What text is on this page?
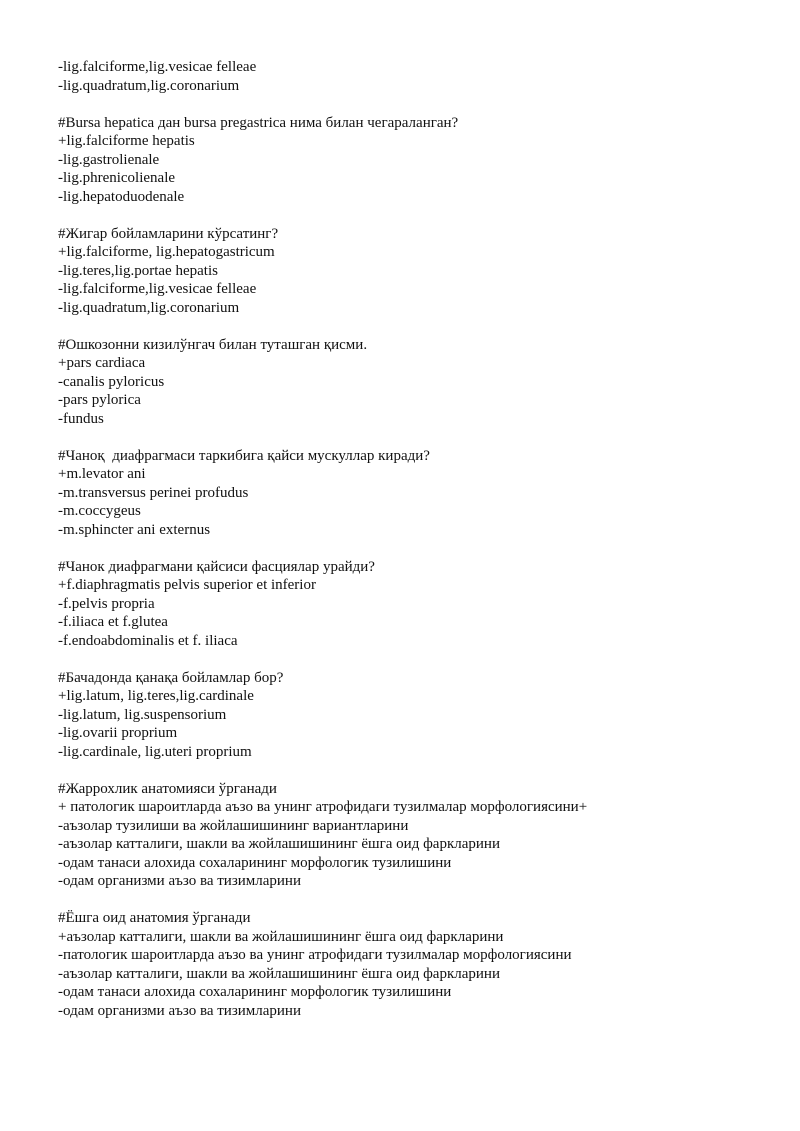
-lig.falciforme,lig.vesicae felleae
-lig.quadratum,lig.coronarium
#Bursa hepatica дан bursa pregastrica нима билан чегараланган?
+lig.falciforme hepatis
-lig.gastrolienale
-lig.phrenicolienale
-lig.hepatoduodenale
#Жигар бойламларини кўрсатинг?
+lig.falciforme, lig.hepatogastricum
-lig.teres,lig.portae hepatis
-lig.falciforme,lig.vesicae felleae
-lig.quadratum,lig.coronarium
#Ошкозонни кизилўнгач билан туташган қисми.
+pars cardiaca
-canalis pyloricus
-pars pylorica
-fundus
#Чаноқ  диафрагмаси таркибига қайси мускуллар киради?
+m.levator ani
-m.transversus perinei profudus
-m.coccygeus
-m.sphincter ani externus
#Чанок диафрагмани қайсиси фасциялар урайди?
+f.diaphragmatis pelvis superior et inferior
-f.pelvis propria
-f.iliaca et f.glutea
-f.endoabdominalis et f. iliaca
#Бачадонда қанақа бойламлар бор?
+lig.latum, lig.teres,lig.cardinale
-lig.latum, lig.suspensorium
-lig.ovarii proprium
-lig.cardinale, lig.uteri proprium
#Жаррохлик анатомияси ўрганади
+ патологик шароитларда аъзо ва унинг атрофидаги тузилмалар морфологиясини+
-аъзолар тузилиши ва жойлашишининг вариантларини
-аъзолар катталиги, шакли ва жойлашишининг ёшга оид фаркларини
-одам танаси алохида сохаларининг морфологик тузилишини
-одам организми аъзо ва тизимларини
#Ёшга оид анатомия ўрганади
+аъзолар катталиги, шакли ва жойлашишининг ёшга оид фаркларини
-патологик шароитларда аъзо ва унинг атрофидаги тузилмалар морфологиясини
-аъзолар катталиги, шакли ва жойлашишининг ёшга оид фаркларини
-одам танаси алохида сохаларининг морфологик тузилишини
-одам организми аъзо ва тизимларини
